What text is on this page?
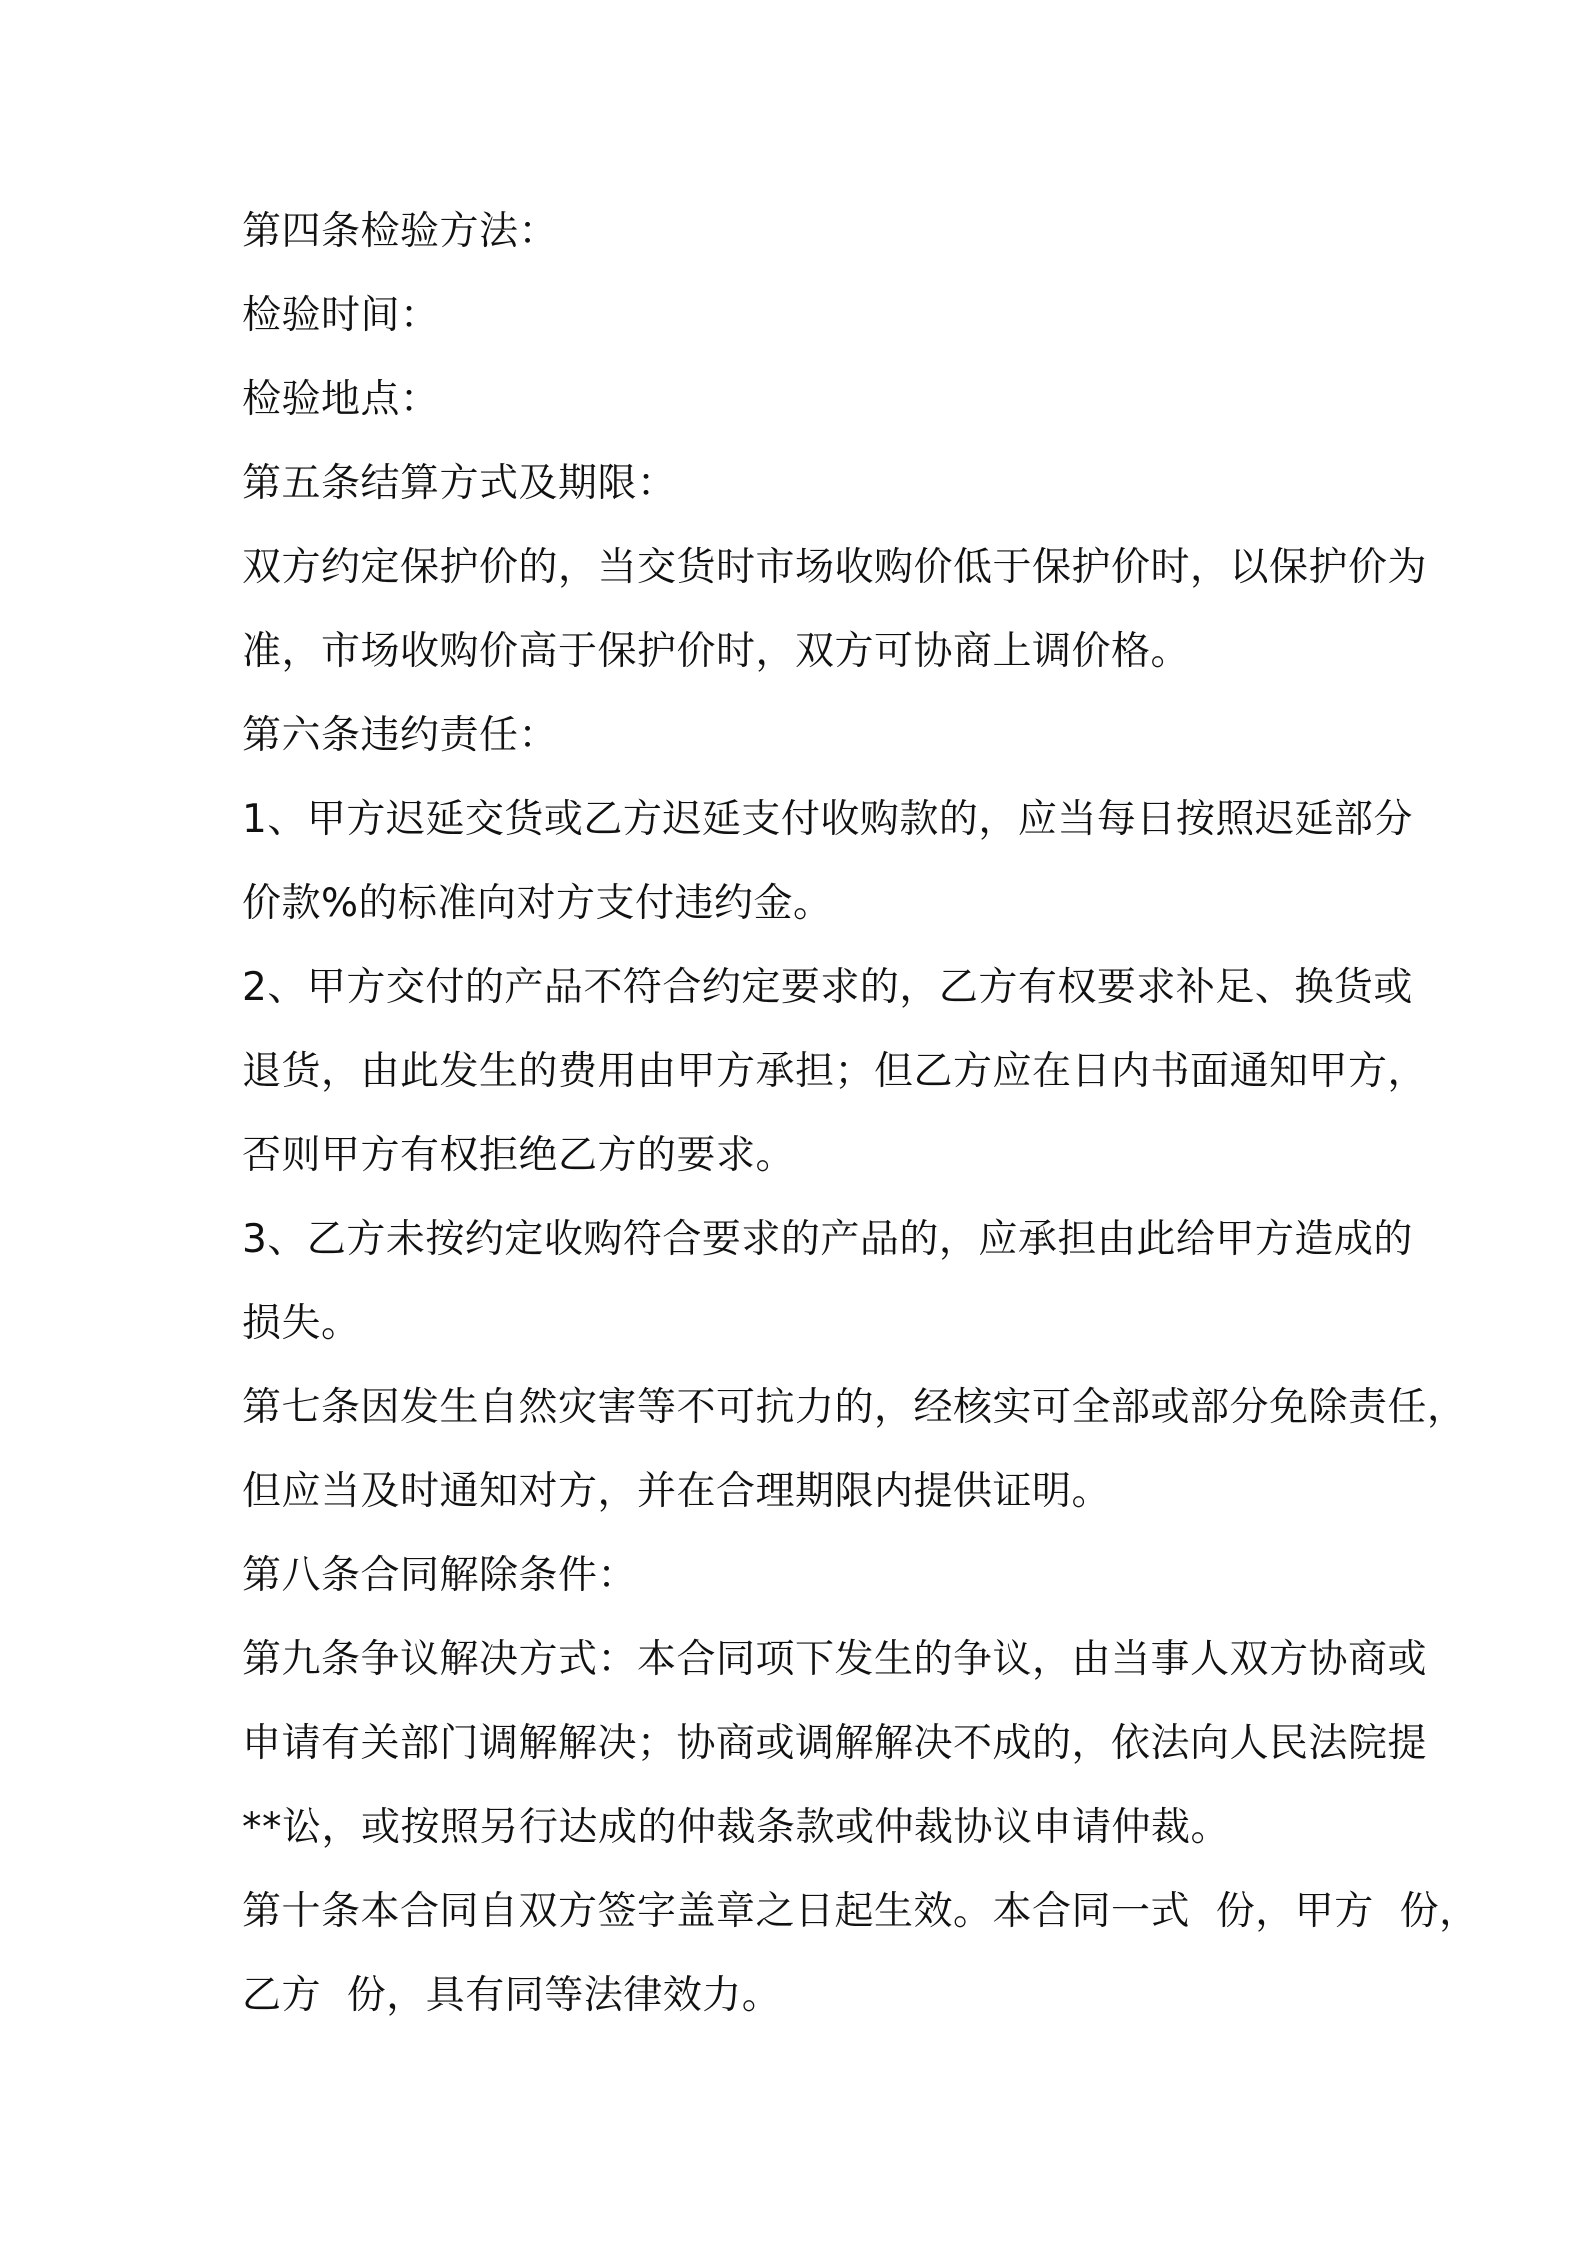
第四条检验方法：
检验时间：
检验地点：
第五条结算方式及期限：
双方约定保护价的，当交货时市场收购价低于保护价时，以保护价为
准，市场收购价高于保护价时，双方可协商上调价格。
第六条违约责任：
1、甲方迟延交货或乙方迟延支付收购款的，应当每日按照迟延部分
价款%的标准向对方支付违约金。
2、甲方交付的产品不符合约定要求的，乙方有权要求补足、换货或
退货，由此发生的费用由甲方承担；但乙方应在日内书面通知甲方，
否则甲方有权拒绝乙方的要求。
3、乙方未按约定收购符合要求的产品的，应承担由此给甲方造成的
损失。
第七条因发生自然灾害等不可抗力的，经核实可全部或部分免除责任，
但应当及时通知对方，并在合理期限内提供证明。
第八条合同解除条件：
第九条争议解决方式：本合同项下发生的争议，由当事人双方协商或
申请有关部门调解解决；协商或调解解决不成的，依法向人民法院提
**讼，或按照另行达成的仲裁条款或仲裁协议申请仲裁。
第十条本合同自双方签字盖章之日起生效。本合同一式  份，甲方  份，
乙方  份，具有同等法律效力。
